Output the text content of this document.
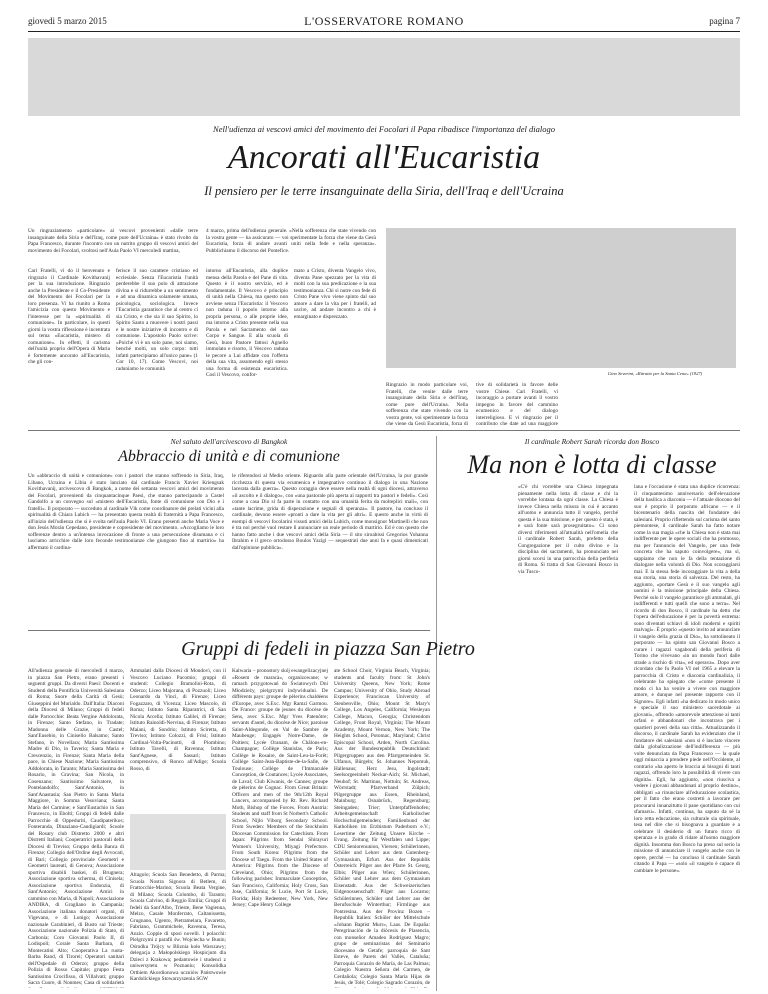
giovedì 5 marzo 2015	L'OSSERVATORE ROMANO	pagina 7
Nell'udienza ai vescovi amici del movimento dei Focolari il Papa ribadisce l'importanza del dialogo
Ancorati all'Eucaristia
Il pensiero per le terre insanguinate della Siria, dell'Iraq e dell'Ucraina
Un ringraziamento «particolare» ai vescovi provenienti «dalle terre insanguinate della Siria e dell'Iraq, come pure dell'Ucraina» è stato rivolto da Papa Francesco, durante l'incontro con un nutrito gruppo di vescovi amici del movimento dei Focolari, svoltosi nell'Aula Paolo VI mercoledì mattina,
4 marzo, prima dell'udienza generale. «Nella sofferenza che state vivendo con la vostra gente — ha assicurato — voi sperimentate la forza che viene da Gesù Eucaristia, forza di andare avanti uniti nella fede e nella speranza». Pubblichiamo il discorso del Pontefice.
Cari Fratelli, vi do il benvenuto e ringrazio il Cardinale Kovithavanij per la sua introduzione. Ringrazio anche la Presidente e il Co-Presidente del Movimento dei Focolari per la loro presenza. Vi ha riunito a Roma l'amicizia con questo Movimento e l'interesse per la «spiritualità di comunione». In particolare, in questi giorni la vostra riflessione è incentrata sul tema «Eucaristia, mistero di comunione». In effetti, il carisma dell'unità proprio dell'Opera di Maria è fortemente ancorato all'Eucaristia, che gli con-
ferisce il suo carattere cristiano ed ecclesiale. Senza l'Eucaristia l'unità perderebbe il suo polo di attrazione divina e si ridurrebbe a un sentimento e ad una dinamica solamente umana, psicologica, sociologica. Invece l'Eucaristia garantisce che al centro ci sia Cristo, e che sia il suo Spirito, lo Spirito Santo a muovere i nostri passi e le nostre iniziative di incontro e di comunione. L'apostolo Paolo scrive: «Poiché vi è un solo pane, noi siamo, benché molti, un solo corpo: tutti infatti partecipiamo all'unico pane» (1 Cor 10, 17). Come Vescovi, noi raduniamo le comunità
intorno all'Eucaristia, alla duplice mensa della Parola e del Pane di vita. Questo è il nostro servizio, ed è fondamentale. Il Vescovo è principio di unità nella Chiesa, ma questo non avviene senza l'Eucaristia: il Vescovo non raduna il popolo intorno alla propria persona, o alle proprie idee, ma intorno a Cristo presente nella sua Parola e nel Sacramento del suo Corpo e Sangue. E alla scuola di Gesù, buon Pastore fattosi Agnello immolato e risorto, il Vescovo raduna le pecore a Lui affidate con l'offerta della sua vita, assumendo egli stesso una forma di esistenza eucaristica. Così il Vescovo, confor-
mato a Cristo, diventa Vangelo vivo, diventa Pane spezzato per la vita di molti con la sua predicazione e la sua testimonianza. Chi si nutre con fede di Cristo Pane vivo viene spinto dal suo amore a dare la vita per i fratelli, ad uscire, ad andare incontro a chi è emarginato e disprezzato.
Gino Severini, «Ritratto per la Santa Cena» (1927)
Ringrazio in modo particolare voi, Fratelli, che venite dalle terre insanguinate della Siria e dell'Iraq, come pure dell'Ucraina. Nella sofferenza che state vivendo con la vostra gente, voi sperimentate la forza che viene da Gesù Eucaristia, forza di
tive di solidarietà in favore delle vostre Chiese. Cari Fratelli, vi incoraggio a portare avanti il vostro impegno in favore del cammino ecumenico e del dialogo interreligioso. E vi ringrazio per il contributo che date ad una maggiore
Nel saluto dell'arcivescovo di Bangkok
Abbraccio di unità e di comunione
Un «abbraccio di unità e comunione» con i pastori che stanno soffrendo in Siria, Iraq, Libano, Ucraina e Libia è stato lanciato dal cardinale Francis Xavier Kriengsak Kovithavanij, arcivescovo di Bangkok, a nome dei settanta vescovi amici del movimento dei Focolari, provenienti da cinquantacinque Paesi, che stanno partecipando a Castel Gandolfo a un convegno sul «mistero dell'Eucaristia, fonte di comunione con Dio e i fratelli». Il porporato — succeduto al cardinale Vlk come coordinatore dei prelati vicini alla spiritualità di Chiara Lubich — ha presentato questa realtà di fraternità a Papa Francesco, all'inizio dell'udienza che si è svolta nell'aula Paolo VI. Erano presenti anche Maria Voce e don Jesús Morán Cepedano, presidente e copresidente del movimento. «Accogliamo le loro sofferenze dentro a un'intensa invocazione di fronte a una persecuzione disumana e ci lasciamo arricchire dalle loro feconde testimonianze che giungono fino al martirio» ha affermato il cardina-
le riferendosi al Medio oriente. Riguardo alla parte orientale dell'Ucraina, la pur grande ricchezza di questa via ecumenica e impegnativo continuo il dialogo in una Nazione lacerata dalla guerra». Questo coraggio deve essere nella realtà di ogni diocesi, attraverso «il ascolto e il dialogo», con «una pastorale più aperta ai rapporti tra pastori e fedeli». Così come a casa Dio si fa parte in contatto con una umanità ferita da molteplici mali», con «tante lacrime, grida di disperazione e segnali di speranza». Il pastore, ha concluso il cardinale, devono essere «pronti a dare la vita per gli altri». E questo anche in virtù di esempi di vescovi focolarini vissuti amici della Lubich, come monsignor Martinelli che non è tra noi perché vuol restare lì annunciare un reale periodo di martirio. Ed è con questo che hanno fatto anche i due vescovi amici della Siria — il sito siroabissi Gregorios Yohanna Ibrahim e il greco ortodosso Boulos Yazigi — sequestrati due anni fa e quasi dimenticati dall'opinione pubblica».
Il cardinale Robert Sarah ricorda don Bosco
Ma non è lotta di classe
«C'è chi vorrebbe una Chiesa impegnata pienamente nella lotta di classe e chi la vorrebbe lontana da ogni classe. La Chiesa è invece Chiesa nella misura in cui è accanto all'uomo e annuncia tutto il vangelo, perché questa è la sua missione, e per questo è stata, è e sarà fonte sarà prosegruitato». Ci sono diversi riferimenti all'attualità nell'omelia che il cardinale Robert Sarah, prefetto della Congregazione per il culto divino e la disciplina dei sacramenti, ha pronunciato nei giorni scorsi in una parrocchia della periferia di Roma. Si tratta di San Giovanni Bosco in via Tusco-
lana e l'occasione è stata una duplice ricorrenza: il cinquantesimo anniversario dell'elevazione della basilica a diaconia — è l'attuale diocono del suo è proprio il porporato africano — e il bicentenario della nascita del fondatore dei salesiani. Proprio riflettendo sul carisma del santo piemontese, il cardinale Sarah ha fatto notare come la sua magia «che la Chiesa non è stata mai indifferente per le opere sociali che ha promosso, ma per l'annuncio del Vangelo, per una fede concreta che ha saputo coinvolgere», ma sì, sappiamo che non le fa della tentazione di dialogare nella volontà di Dio. Non scoraggiarsi mai. E la stessa fede incoraggiare la vita a della sua storia, una storia di salvezza. Del resto, ha aggiunto, «portare Gesù e il suo vangelo agli uomini è la missione principale della Chiesa. Perché solo il vangelo garantisce gli ammalati, gli indifferenti e tutti quelli che sono a terra». Nel ricordo di don Bosco, il cardinale ha detto che l'opera dell'educazione è per la povertà estrema: sono diventati schiavi di idoli moderni e spiriti malvagi». È proprio «questo invito ad annunciare il vangelo della grazia di Dio», ha sottolineato il porporato — ha spinto san Giovanni Bosco a curare i ragazzi vagabondi della periferia di Torino che vivevano «in un mondo fuori dalle strade a rischio di vita», ed operava». Dopo aver ricordato che fu Paolo VI nel 1965 a elevare la parrocchia di Cristo e diaconia cardinalizia, il celebrante ha spiegato che «come presente il modo ci ha ha venire a vivere con maggiore amore, e dunque nel presente rapporto con il Signore». Egli infatti «ha dedicato in modo unico e speciale il suo ministero sacerdotale ai giovani», offrendo «amorevole attenzione ai tanti orfani e abbandonati che incontrava per i quartieri poveri della sua città». Attualizzando il discorso, il cardinale Sarah ha evidenziato che il fondatore dei salesiani «non si è lasciato vincere dalla globalizzazione dell'indifferenza — più volte denunciata da Papa Francesco — la quale oggi minaccia a prendere piede nell'Occidente, al contrario «ha aperto le braccia ai bisogni di tanti ragazzi, offrendo loro la possibilità di vivere con dignità». Egli, ha aggiunto, «non riusciva a vedere i giovani abbandonati al proprio destino», obbligati «a rinunciare all'educazione scolastica, per il fatto che erano costretti a lavorare per procurarsi innanzitutto il pane quotidiano con cui sfamarsi». Infatti, continua, ha saputo da sé la loro retta educazione, sia culturale sia spirituale, tesa nel dire che si bisognava a guardare e a celebrare il desiderio di un futuro ricco di speranza e in grado di ridare all'uomo maggiore dignità. Insomma don Bosco ha preso sul serio la missione di annunciare il vangelo anche con le opere, perché — ha concluso il cardinale Sarah citando il Papa — «solo «il vangelo è capace di cambiare le persone».
Gruppi di fedeli in piazza San Pietro
All'udienza generale di mercoledì 4 marzo, in piazza San Pietro, erano presenti i seguenti gruppi. Da diversi Paesi: Docenti e Studenti della Pontificia Università Salesiana di Roma; Suore della Carità di Gesù; Giuseppini del Murialdo. Dall'Italia: Diaconi della Diocesi di Milano; Gruppi di fedeli dalle Parrocchie: Beata Vergine Addolorata, in Firenze; Santo Stefano, in Tradate; Madonna delle Grazie, in Castel; Sant'Eusebio, in Cinisello Balsamo; Santo Stefano, in Novellara; Maria Santissima Madre di Dio, in Taverio; Santa Maria e Crescenzio, in Firenze; Santa Maria della pace, in Chiese Nazione; Maria Santissima Addolorata, in Taranto; Maria Santissima del Rosario, in Gravina; San Nicola, in Cosenzano; Santissimo Salvatore, in Pontelandolfo; Sant'Antonio, in Sant'Anastasia; San Pietro in Santa Maria Maggiore, in Somma Vesuviana; Santa Maria del Carmine; e Sant'Eustachio in San Francesco, in Ebolti; Gruppi di fedeli dalle Parrocchie di Oppeduriti, Caudipaterikos; Fonteranda, Dinaziano-Caudigiardi; Scuole del Rosary club Distretto 2000 e altri Distretti Italiani; Cooperatrici pastorali della Diocesi di Treviso; Gruppo della Banca di Firenze; Collegio dell'Ordine degli Avvocati, di Bari; Collegio provinciale Geometri e Geometri laureati, di Genova; Associazione sportiva disabili baskei, di Brugnera; Associazione sportiva scherma, di Cinisela; Associazione sportiva Endonzia, di Sant'Antonio; Associazione Amici in cammino con Maria, di Napoli; Associazione ANDIRA, di Gragliano in Campania; Associazione italiana donatori organi, di Vigevano, e di Lonigo; Associazione nazionale Carabinieri, di Busto sul Trieste; Associazione nazionale Polizia di Stato, di Carbonia; Coro Giovanni Paolo II, di Lodispoli; Corale Santa Barbara, di Montecatini Alto; Cooperativa La ruota-Barba Rand, di Tirorei; Operatori sanitari dell'Ospedale di Oderzo; gruppo della Polizia di Rosso Capitale; gruppo Festa Santissimo Crocifisso, di Villalvati; gruppo Sacra Cuore, di Nonmes; Casa di solidarietà
Ammalati dalla Diocesi di Mondovì, con il Vescovo Luciano Pacomio; gruppi di studenti: Collegio Bramolini-Rota, di Oderzo; Liceo Majorana, di Pozzuoli; Liceo Leonardo da Vinci, di Firenze; Liceo Fogazzaro, di Vicenza; Liceo Mascolo, di Roma; Istituto Santa Riparatrici, di San Nicola Arcella; Istituto Galilei, di Firenze; Istituto Rainoldi-Nervina, di Firenze; Istituto Maiani, di Sondrio; Istituto Sciretta, di Treviso; Istituto Colozzi, di Frisi; Istituto Cardinal-Volta-Pacinotti, di Piombino; Istituto Tavelli, di Ravenna; Istituto Sant'Agnese, di Sassari; Istituto comprensivo, di Ronco all'Adige; Scuola Rosso, di
Altagolo; Scuola San Benedetto, di Parma; Scuola Nostra Signora di Betlem, di Frattocchie-Marino; Scuola Beata Vergine, di Milano; Scuola Colombo, di Taranto; Scuola Calvino, di Reggio Emilia; Gruppi di fedeli da Sant'Albo, Trieste, Bene Vagienna, Melzo, Casale Monferrato, Caltanissetta, Grugnano, Ugento, Pietramelara, Favaretto, Fabriano, Grammichele, Ravenna, Teresa, Anzio. Coppie di sposi novelli. I polacchi: Pielgrzymi z parafii św. Wojciecha w Bunin; Ośrodku Trójcy w Bliznia koło Warszawy; delegacja z Małopolskiego Hospicjum dla Dzieci z Krakowa; pedantowie i studenci z uniwersytetu w Poznaniu; Konsolidka Orthiem Akordionowa uczniów Państwowie Kardolickiego Stowarzyszenia SGW
Kalwaria – pronostory skój ewangelizacyjnej «Rosem de maracà», organizowane; w ramach przygotowań do Światowych Dni Młodzieży, pielgrzymi indywidualni. De différents pays: groupe de pèlerins chaldéens d'Europe, avec S.Exc. Mgr Ramzi Garmou. De France: groupe de jeunes du diocèse de Sens, avec S.Exc. Mgr Yves Patenôtre; servants d'autel, du diocèse de Nice; paroisse Saint-Aldegonde, en Val de Sambre de Maubeuge; Engagés Notre-Dame, de Poitiers; Lycée Oranam, de Châlons-en-Champagne; Collège Stanislas, de Paris; Collège le Rosaire, de Saint-Leu-la-Forêt; Collège Saint-Jean-Baptiste-de-la-Salle, de Toulouse; Collège de l'Immaculée Conception, de Coutances; Lycée Associates, de Laval; Club Kiwanis, de Cannes; groupe de pèlerins de Cognac. From Great Britain: Officers and men of the 9th/12th Royal Lancers, accompanied by Rt. Rev. Richard Moth, Bishop of the Forces. From Austria: Students and staff from St Norbert's Catholic School, Nijlo Viborg Secondary School. From Sweden: Members of the Stockholm Diocesan Commission for Catechism. From Japan: Pilgrims from Sendai Shirayuri Women's University, Miyagi Prefecture. From South Korea: Pilgrims from the Diocese of Taegu. From the United States of America: Pilgrims from the Diocese of Cleveland, Ohio; Pilgrims from the following parishes: Immaculate Conception, San Francisco, California; Holy Cross, San Jose, California; St Lucie, Port St Lucie, Florida; Holy Redeemer, New York, New Jersey; Cape Henry College
ate School Choir, Virginia Beach, Virginia; students and faculty from: St John's University Queens, New York; Rome Campus; University of Ohio, Study Abroad Experience; Franciscan University of Steubenville, Ohio; Mount St Mary's College, Los Angeles, California; Wesleyan College, Macon, Georgia; Christendom College, Front Royal, Virginia; The Mount Academy, Mount Vernon, New York; The Heights School, Potomac, Maryland; Christ Episcopal School, Arden, North Carolina. Aus der Bundesrepublik Deutschland: Pilgergruppen aus den Pfarrgemeinden St. Ulfanus, Bürgeln; St. Johannes Nepomuk, Hallenaus; Herz Jesu, Ingolstadt; Seelsorgeeinheit Neckar-Aich; St. Michael, Neuhof; St. Martinus, Nottuln; St. Andreas, Wörrstadt; Pfarrverband Zülpich; Pilgergruppe aus Essen, Rheinland, Mainburg; Osnabrück, Regensburg; Steingaden; Trier; Unterpfaffenhofen; Arbeitsgemeinschaft Katholischer Hochschulgemeinden; Familienbund der Katholiken im Erzbistum Paderborn e.V.; Lesertime der Zeitung Unsere Kirche – Evang. Zeitung für Westfalen und Lippe; CDU Seniorenunion, Viersen; Schülerinnen, Schüler und Lehrer aus dem Gutenberg-Gymnasium, Erfurt. Aus der Republik Österreich: Pilger aus der Pfarre St. Georg, Elbis; Pilger aus Wien; Schülerinnen, Schüler und Lehrer aus dem Gymnasium Eisenstadt. Aus der Schweizerischen Eidgenossenschaft: Pilger aus Locarno; Schülerinnen, Schüler und Lehrer aus der Berufsschule Winterthur; Firmlinge aus Pontresina. Aus der Provinz Bozen – Republik Italien: Schüler der Mittelschule «Johann Baptist Murr», Laas. De España: Peregrinación de la diócesis de Plasencia, con monseñor Amadeo Rodríguez Magro; grupo de seminaristas del Seminario diocesano de Getafe; parroquia de Sant Esteve, de Parets del Vallès, Cataluña; Parroquia Corazón de María, de Las Palmas; Colegio Nuestra Señora del Carmen, de Cerdañola; Colegio Santa María Hijas de Jesús, de Tolé; Colegio Sagrado Corazón, de
